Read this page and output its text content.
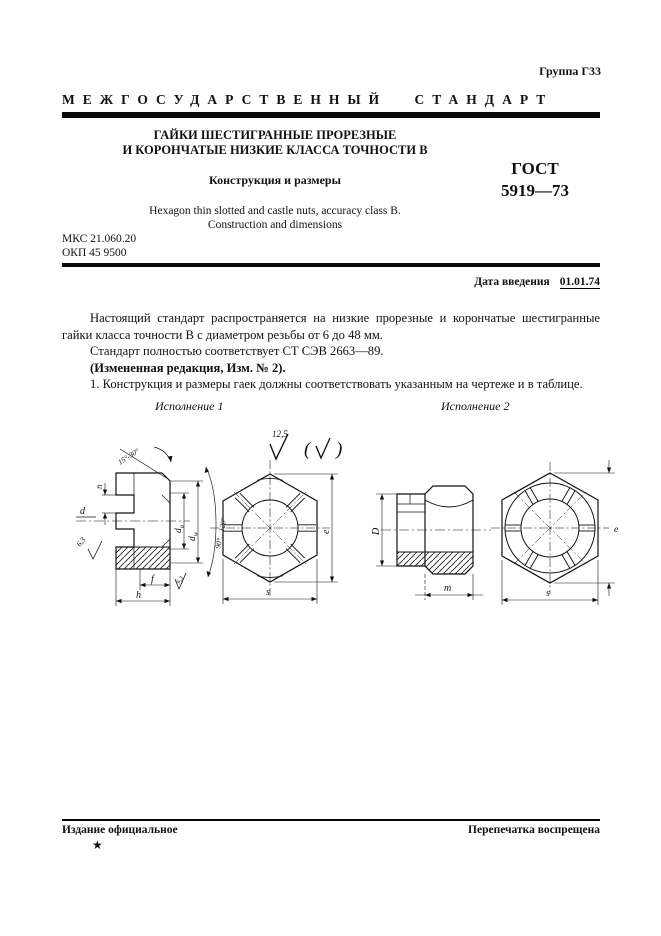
Группа Г33
МЕЖГОСУДАРСТВЕННЫЙ СТАНДАРТ
ГАЙКИ ШЕСТИГРАННЫЕ ПРОРЕЗНЫЕ
И КОРОНЧАТЫЕ НИЗКИЕ КЛАССА ТОЧНОСТИ В
Конструкция и размеры
Hexagon thin slotted and castle nuts, accuracy class B.
Construction and dimensions
ГОСТ
5919—73
МКС 21.060.20
ОКП 45 9500
Дата введения 01.01.74

Настоящий стандарт распространяется на низкие прорезные и корончатые шестигранные гайки класса точности В с диаметром резьбы от 6 до 48 мм.

Стандарт полностью соответствует СТ СЭВ 2663—89.

(Измененная редакция, Изм. № 2).

1. Конструкция и размеры гаек должны соответствовать указанным на чертеже и в таблице.

Исполнение 1	Исполнение 2
12,5
( )
15°-30°
d
n
6,3
$d_a$
$d_w$ 90°…120°
f
h
6,3
e
s
D
m
e
s
Издание официальное	Перепечатка воспрещена
★
